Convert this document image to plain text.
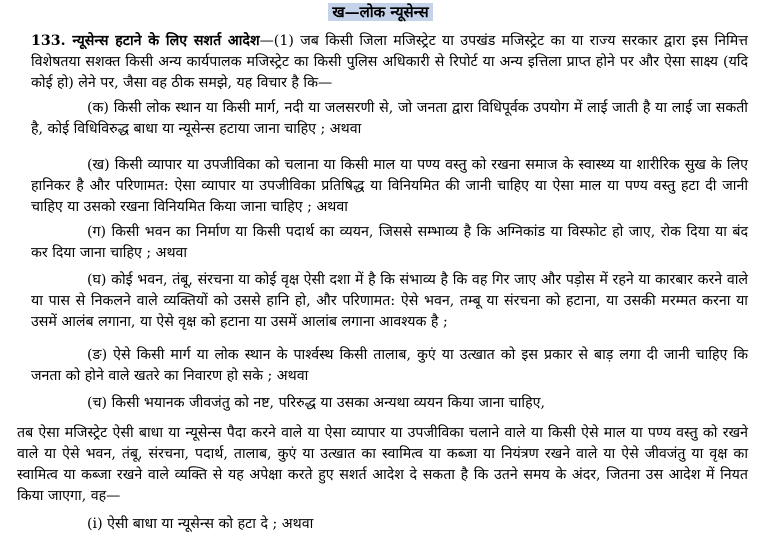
ख—लोक न्यूसेन्स
133. न्यूसेन्स हटाने के लिए सशर्त आदेश—(1) जब किसी जिला मजिस्ट्रेट या उपखंड मजिस्ट्रेट का या राज्य सरकार द्वारा इस निमित्त विशेषतया सशक्त किसी अन्य कार्यपालक मजिस्ट्रेट का किसी पुलिस अधिकारी से रिपोर्ट या अन्य इत्तिला प्राप्त होने पर और ऐसा साक्ष्य (यदि कोई हो) लेने पर, जैसा वह ठीक समझे, यह विचार है कि—
(क) किसी लोक स्थान या किसी मार्ग, नदी या जलसरणी से, जो जनता द्वारा विधिपूर्वक उपयोग में लाई जाती है या लाई जा सकती है, कोई विधिविरुद्ध बाधा या न्यूसेन्स हटाया जाना चाहिए ; अथवा
(ख) किसी व्यापार या उपजीविका को चलाना या किसी माल या पण्य वस्तु को रखना समाज के स्वास्थ्य या शारीरिक सुख के लिए हानिकर है और परिणामत: ऐसा व्यापार या उपजीविका प्रतिषिद्ध या विनियमित की जानी चाहिए या ऐसा माल या पण्य वस्तु हटा दी जानी चाहिए या उसको रखना विनियमित किया जाना चाहिए ; अथवा
(ग) किसी भवन का निर्माण या किसी पदार्थ का व्ययन, जिससे सम्भाव्य है कि अग्निकांड या विस्फोट हो जाए, रोक दिया या बंद कर दिया जाना चाहिए ; अथवा
(घ) कोई भवन, तंबू, संरचना या कोई वृक्ष ऐसी दशा में है कि संभाव्य है कि वह गिर जाए और पड़ोस में रहने या कारबार करने वाले या पास से निकलने वाले व्यक्तियों को उससे हानि हो, और परिणामत: ऐसे भवन, तम्बू या संरचना को हटाना, या उसकी मरम्मत करना या उसमें आलंब लगाना, या ऐसे वृक्ष को हटाना या उसमें आलांब लगाना आवश्यक है ;
(ङ) ऐसे किसी मार्ग या लोक स्थान के पार्श्वस्थ किसी तालाब, कुएं या उत्खात को इस प्रकार से बाड़ लगा दी जानी चाहिए कि जनता को होने वाले खतरे का निवारण हो सके ; अथवा
(च) किसी भयानक जीवजंतु को नष्ट, परिरुद्ध या उसका अन्यथा व्ययन किया जाना चाहिए,
तब ऐसा मजिस्ट्रेट ऐसी बाधा या न्यूसेन्स पैदा करने वाले या ऐसा व्यापार या उपजीविका चलाने वाले या किसी ऐसे माल या पण्य वस्तु को रखने वाले या ऐसे भवन, तंबू, संरचना, पदार्थ, तालाब, कुएं या उत्खात का स्वामित्व या कब्जा या नियंत्रण रखने वाले या ऐसे जीवजंतु या वृक्ष का स्वामित्व या कब्जा रखने वाले व्यक्ति से यह अपेक्षा करते हुए सशर्त आदेश दे सकता है कि उतने समय के अंदर, जितना उस आदेश में नियत किया जाएगा, वह—
(i) ऐसी बाधा या न्यूसेन्स को हटा दे ; अथवा
